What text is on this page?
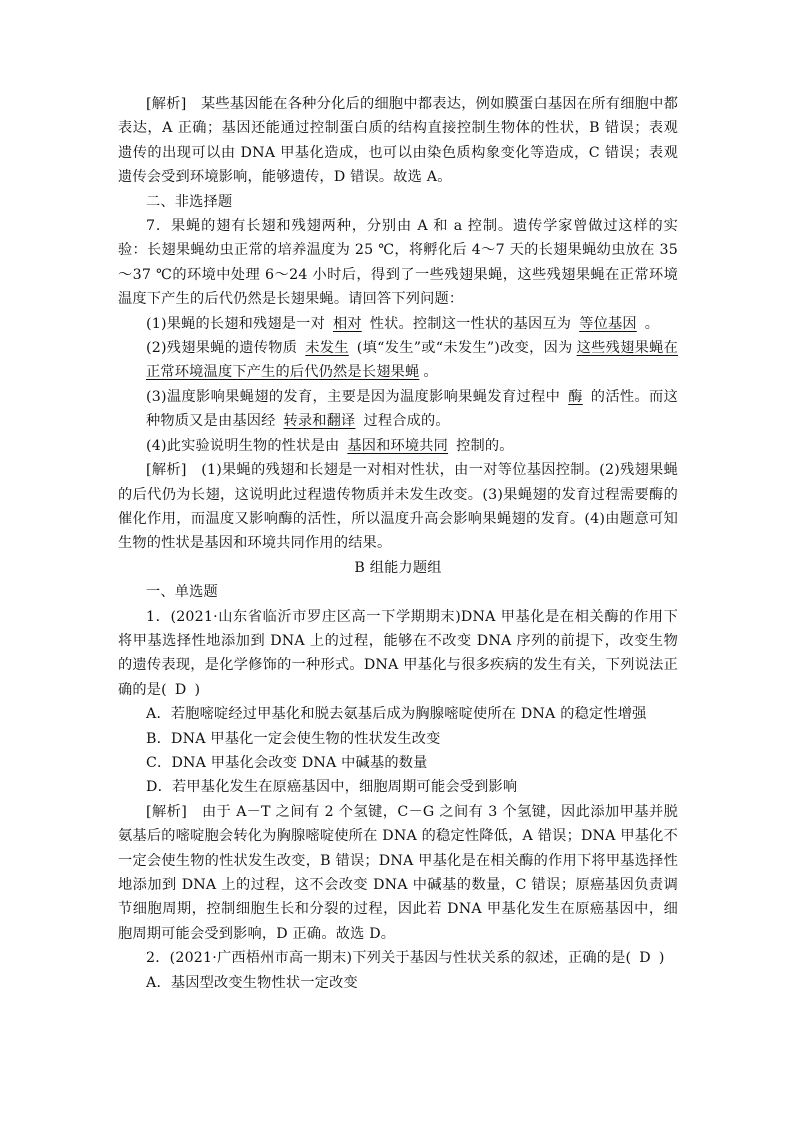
[解析]　某些基因能在各种分化后的细胞中都表达，例如膜蛋白基因在所有细胞中都表达，A 正确；基因还能通过控制蛋白质的结构直接控制生物体的性状，B 错误；表观遗传的出现可以由 DNA 甲基化造成，也可以由染色质构象变化等造成，C 错误；表观遗传会受到环境影响，能够遗传，D 错误。故选 A。

二、非选择题

7．果蝇的翅有长翅和残翅两种，分别由 A 和 a 控制。遗传学家曾做过这样的实验：长翅果蝇幼虫正常的培养温度为 25 ℃，将孵化后 4～7 天的长翅果蝇幼虫放在 35～37 ℃的环境中处理 6～24 小时后，得到了一些残翅果蝇，这些残翅果蝇在正常环境温度下产生的后代仍然是长翅果蝇。请回答下列问题：

(1)果蝇的长翅和残翅是一对 相对 性状。控制这一性状的基因互为 等位基因 。

(2)残翅果蝇的遗传物质 未发生 (填“发生”或“未发生”)改变，因为 这些残翅果蝇在正常环境温度下产生的后代仍然是长翅果蝇 。

(3)温度影响果蝇翅的发育，主要是因为温度影响果蝇发育过程中 酶 的活性。而这种物质又是由基因经 转录和翻译 过程合成的。

(4)此实验说明生物的性状是由 基因和环境共同 控制的。

[解析]　(1)果蝇的残翅和长翅是一对相对性状，由一对等位基因控制。(2)残翅果蝇的后代仍为长翅，这说明此过程遗传物质并未发生改变。(3)果蝇翅的发育过程需要酶的催化作用，而温度又影响酶的活性，所以温度升高会影响果蝇翅的发育。(4)由题意可知生物的性状是基因和环境共同作用的结果。

B 组能力题组

一、单选题

1．(2021·山东省临沂市罗庄区高一下学期期末)DNA 甲基化是在相关酶的作用下将甲基选择性地添加到 DNA 上的过程，能够在不改变 DNA 序列的前提下，改变生物的遗传表现，是化学修饰的一种形式。DNA 甲基化与很多疾病的发生有关，下列说法正确的是( D )

A．若胞嘧啶经过甲基化和脱去氨基后成为胸腺嘧啶使所在 DNA 的稳定性增强

B．DNA 甲基化一定会使生物的性状发生改变

C．DNA 甲基化会改变 DNA 中碱基的数量

D．若甲基化发生在原癌基因中，细胞周期可能会受到影响

[解析]　由于 A－T 之间有 2 个氢键，C－G 之间有 3 个氢键，因此添加甲基并脱氨基后的嘧啶胞会转化为胸腺嘧啶使所在 DNA 的稳定性降低，A 错误；DNA 甲基化不一定会使生物的性状发生改变，B 错误；DNA 甲基化是在相关酶的作用下将甲基选择性地添加到 DNA 上的过程，这不会改变 DNA 中碱基的数量，C 错误；原癌基因负责调节细胞周期，控制细胞生长和分裂的过程，因此若 DNA 甲基化发生在原癌基因中，细胞周期可能会受到影响，D 正确。故选 D。

2．(2021·广西梧州市高一期末)下列关于基因与性状关系的叙述，正确的是( D )

A．基因型改变生物性状一定改变
